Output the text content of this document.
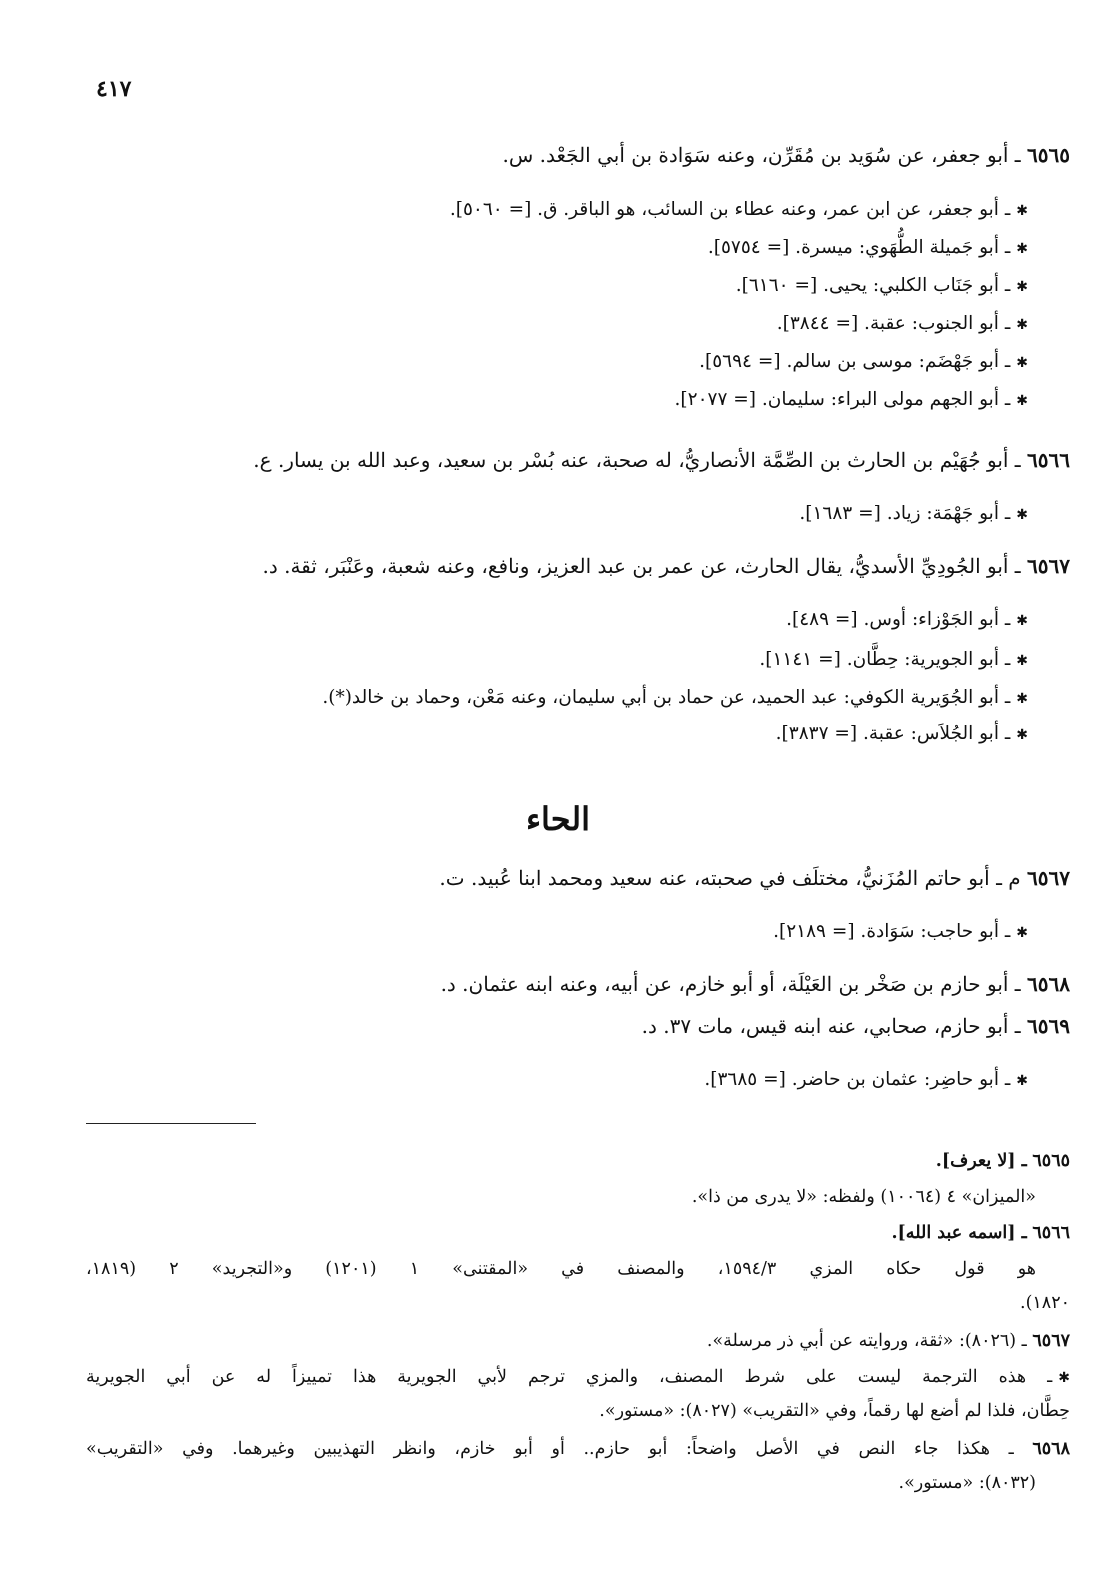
٤١٧
٦٥٦٥ ـ أبو جعفر، عن سُوَيد بن مُقَرِّن، وعنه سَوَادة بن أبي الجَعْد. س.
✱ـ أبو جعفر، عن ابن عمر، وعنه عطاء بن السائب، هو الباقر. ق. [= ٥٠٦٠].
✱ـ أبو جَميلة الطُّهَوي: ميسرة. [= ٥٧٥٤].
✱ـ أبو جَنَاب الكلبي: يحيى. [= ٦١٦٠].
✱ـ أبو الجنوب: عقبة. [= ٣٨٤٤].
✱ـ أبو جَهْضَم: موسى بن سالم. [= ٥٦٩٤].
✱ـ أبو الجهم مولى البراء: سليمان. [= ٢٠٧٧].
٦٥٦٦ ـ أبو جُهَيْم بن الحارث بن الصِّمَّة الأنصاريُّ، له صحبة، عنه بُسْر بن سعيد، وعبد الله بن يسار. ع.
✱ـ أبو جَهْمَة: زياد. [= ١٦٨٣].
٦٥٦٧ ـ أبو الجُودِيِّ الأسديُّ، يقال الحارث، عن عمر بن عبد العزيز، ونافع، وعنه شعبة، وعَنْبَر، ثقة. د.
✱ـ أبو الجَوْزاء: أوس. [= ٤٨٩].
✱ـ أبو الجويرية: حِطَّان. [= ١١٤١].
✱ـ أبو الجُوَيرية الكوفي: عبد الحميد، عن حماد بن أبي سليمان، وعنه مَعْن، وحماد بن خالد(*).
✱ـ أبو الجُلاَس: عقبة. [= ٣٨٣٧].
الحاء
٦٥٦٧ م ـ أبو حاتم المُزَنيُّ، مختلَف في صحبته، عنه سعيد ومحمد ابنا عُبيد. ت.
✱ـ أبو حاجب: سَوَادة. [= ٢١٨٩].
٦٥٦٨ ـ أبو حازم بن صَخْر بن العَيْلَة، أو أبو خازم، عن أبيه، وعنه ابنه عثمان. د.
٦٥٦٩ ـ أبو حازم، صحابي، عنه ابنه قيس، مات ٣٧. د.
✱ـ أبو حاضِر: عثمان بن حاضر. [= ٣٦٨٥].
٦٥٦٥ ـ [لا يعرف].
«الميزان» ٤ (١٠٠٦٤) ولفظه: «لا يدرى من ذا».
٦٥٦٦ ـ [اسمه عبد الله].
هو قول حكاه المزي ١٥٩٤/٣، والمصنف في «المقتنى» ١ (١٢٠١) و«التجريد» ٢ (١٨١٩،
١٨٢٠).
٦٥٦٧ ـ (٨٠٢٦): «ثقة، وروايته عن أبي ذر مرسلة».
✱ـ هذه الترجمة ليست على شرط المصنف، والمزي ترجم لأبي الجويرية هذا تمييزاً له عن أبي الجويرية
حِطَّان، فلذا لم أضع لها رقماً، وفي «التقريب» (٨٠٢٧): «مستور».
٦٥٦٨ ـ هكذا جاء النص في الأصل واضحاً: أبو حازم.. أو أبو خازم، وانظر التهذيبين وغيرهما. وفي «التقريب»
(٨٠٣٢): «مستور».
